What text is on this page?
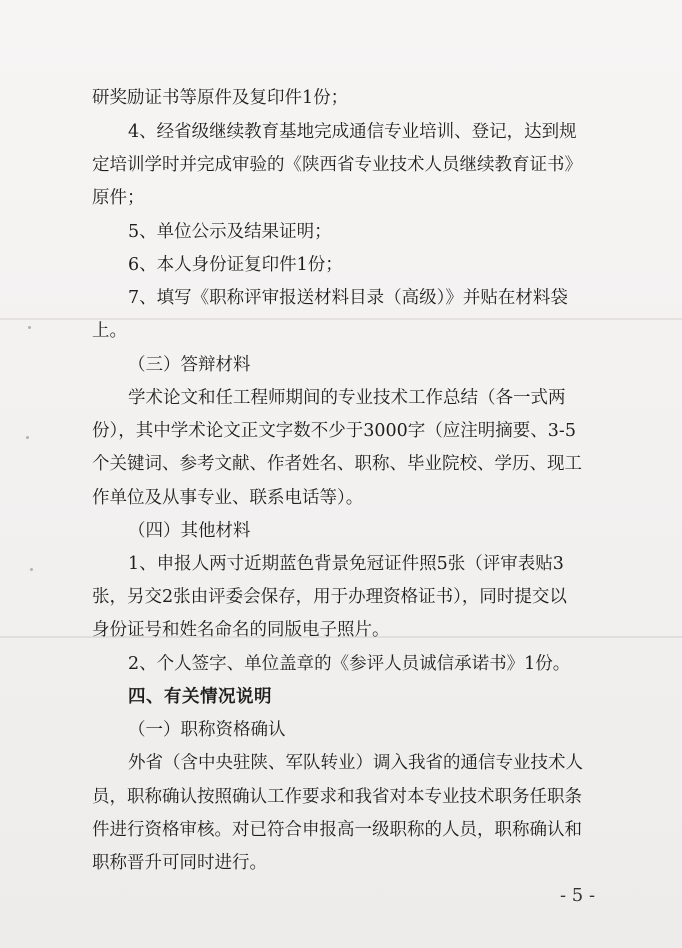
研奖励证书等原件及复印件1份；
4、经省级继续教育基地完成通信专业培训、登记，达到规
定培训学时并完成审验的《陕西省专业技术人员继续教育证书》
原件；
5、单位公示及结果证明；
6、本人身份证复印件1份；
7、填写《职称评审报送材料目录（高级）》并贴在材料袋
上。
（三）答辩材料
学术论文和任工程师期间的专业技术工作总结（各一式两
份），其中学术论文正文字数不少于3000字（应注明摘要、3-5
个关键词、参考文献、作者姓名、职称、毕业院校、学历、现工
作单位及从事专业、联系电话等）。
（四）其他材料
1、申报人两寸近期蓝色背景免冠证件照5张（评审表贴3
张，另交2张由评委会保存，用于办理资格证书），同时提交以
身份证号和姓名命名的同版电子照片。
2、个人签字、单位盖章的《参评人员诚信承诺书》1份。
四、有关情况说明
（一）职称资格确认
外省（含中央驻陕、军队转业）调入我省的通信专业技术人
员，职称确认按照确认工作要求和我省对本专业技术职务任职条
件进行资格审核。对已符合申报高一级职称的人员，职称确认和
职称晋升可同时进行。
- 5 -
